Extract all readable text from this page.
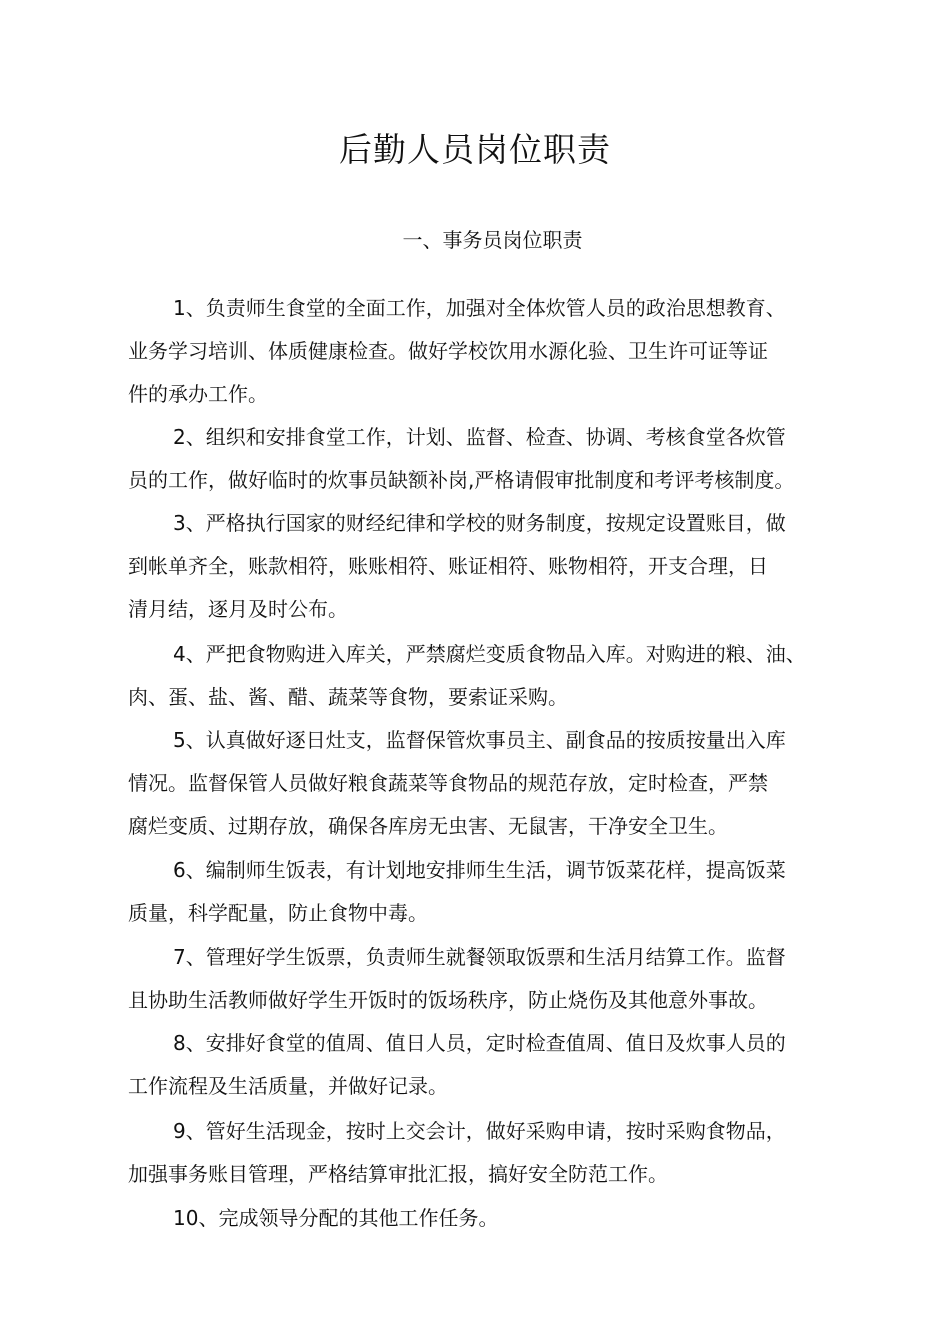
后勤人员岗位职责
一、事务员岗位职责
1、负责师生食堂的全面工作，加强对全体炊管人员的政治思想教育、
业务学习培训、体质健康检查。做好学校饮用水源化验、卫生许可证等证
件的承办工作。
2、组织和安排食堂工作，计划、监督、检查、协调、考核食堂各炊管
员的工作，做好临时的炊事员缺额补岗,严格请假审批制度和考评考核制度。
3、严格执行国家的财经纪律和学校的财务制度，按规定设置账目，做
到帐单齐全，账款相符，账账相符、账证相符、账物相符，开支合理，日
清月结，逐月及时公布。
4、严把食物购进入库关，严禁腐烂变质食物品入库。对购进的粮、油、
肉、蛋、盐、酱、醋、蔬菜等食物，要索证采购。
5、认真做好逐日灶支，监督保管炊事员主、副食品的按质按量出入库
情况。监督保管人员做好粮食蔬菜等食物品的规范存放，定时检查，严禁
腐烂变质、过期存放，确保各库房无虫害、无鼠害，干净安全卫生。
6、编制师生饭表，有计划地安排师生生活，调节饭菜花样，提高饭菜
质量，科学配量，防止食物中毒。
7、管理好学生饭票，负责师生就餐领取饭票和生活月结算工作。监督
且协助生活教师做好学生开饭时的饭场秩序，防止烧伤及其他意外事故。
8、安排好食堂的值周、值日人员，定时检查值周、值日及炊事人员的
工作流程及生活质量，并做好记录。
9、管好生活现金，按时上交会计，做好采购申请，按时采购食物品，
加强事务账目管理，严格结算审批汇报，搞好安全防范工作。
10、完成领导分配的其他工作任务。
